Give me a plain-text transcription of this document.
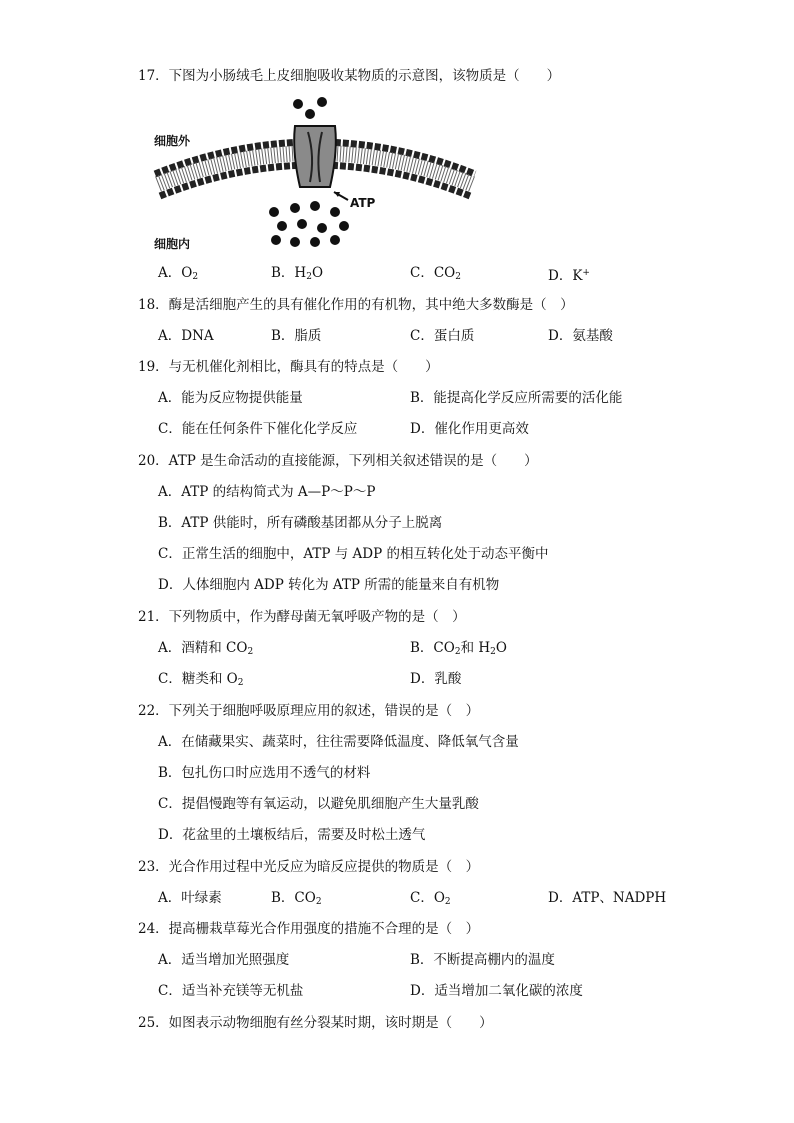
17．下图为小肠绒毛上皮细胞吸收某物质的示意图，该物质是（　　）
细胞外
细胞内
ATP
A．$O_2$	B．$H_2O$	C．$CO_2$	D．K+
18．酶是活细胞产生的具有催化作用的有机物，其中绝大多数酶是（　）
A．DNA	B．脂质	C．蛋白质	D．氨基酸
19．与无机催化剂相比，酶具有的特点是（　　）
A．能为反应物提供能量	B．能提高化学反应所需要的活化能
C．能在任何条件下催化化学反应	D．催化作用更高效
20．ATP 是生命活动的直接能源，下列相关叙述错误的是（　　）
A．ATP 的结构简式为 A—P～P～P
B．ATP 供能时，所有磷酸基团都从分子上脱离
C．正常生活的细胞中，ATP 与 ADP 的相互转化处于动态平衡中
D．人体细胞内 ADP 转化为 ATP 所需的能量来自有机物
21．下列物质中，作为酵母菌无氧呼吸产物的是（　）
A．酒精和 $CO_2$	B．$CO_2$和 $H_2O$
C．糖类和 $O_2$	D．乳酸
22．下列关于细胞呼吸原理应用的叙述，错误的是（　）
A．在储藏果实、蔬菜时，往往需要降低温度、降低氧气含量
B．包扎伤口时应选用不透气的材料
C．提倡慢跑等有氧运动，以避免肌细胞产生大量乳酸
D．花盆里的土壤板结后，需要及时松土透气
23．光合作用过程中光反应为暗反应提供的物质是（　）
A．叶绿素	B．$CO_2$	C．$O_2$	D．ATP、NADPH
24．提高栅栽草莓光合作用强度的措施不合理的是（　）
A．适当增加光照强度	B．不断提高棚内的温度
C．适当补充镁等无机盐	D．适当增加二氧化碳的浓度
25．如图表示动物细胞有丝分裂某时期，该时期是（　　）
